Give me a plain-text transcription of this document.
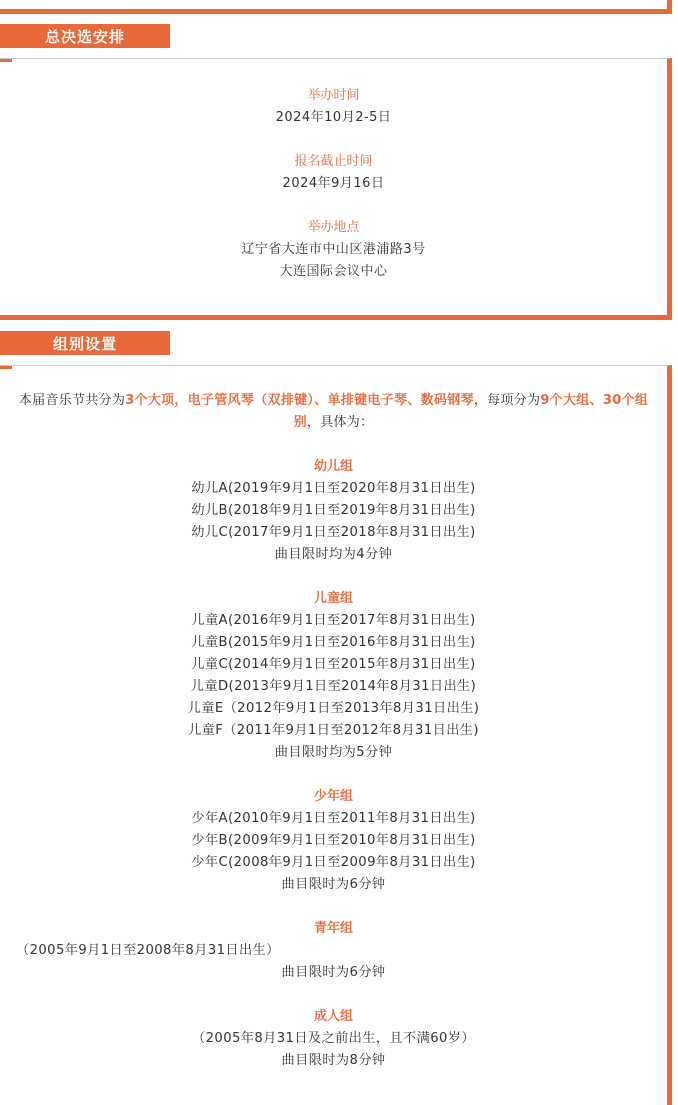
总决选安排
举办时间
2024年10月2-5日
报名截止时间
2024年9月16日
举办地点
辽宁省大连市中山区港浦路3号
大连国际会议中心
组别设置
本届音乐节共分为3个大项，电子管风琴（双排键）、单排键电子琴、数码钢琴，每项分为9个大组、30个组别，具体为：
幼儿组
幼儿A(2019年9月1日至2020年8月31日出生)
幼儿B(2018年9月1日至2019年8月31日出生)
幼儿C(2017年9月1日至2018年8月31日出生)
曲目限时均为4分钟
儿童组
儿童A(2016年9月1日至2017年8月31日出生)
儿童B(2015年9月1日至2016年8月31日出生)
儿童C(2014年9月1日至2015年8月31日出生)
儿童D(2013年9月1日至2014年8月31日出生)
儿童E（2012年9月1日至2013年8月31日出生)
儿童F（2011年9月1日至2012年8月31日出生)
曲目限时均为5分钟
少年组
少年A(2010年9月1日至2011年8月31日出生)
少年B(2009年9月1日至2010年8月31日出生)
少年C(2008年9月1日至2009年8月31日出生)
曲目限时为6分钟
青年组
（2005年9月1日至2008年8月31日出生）
曲目限时为6分钟
成人组
（2005年8月31日及之前出生，且不满60岁）
曲目限时为8分钟
